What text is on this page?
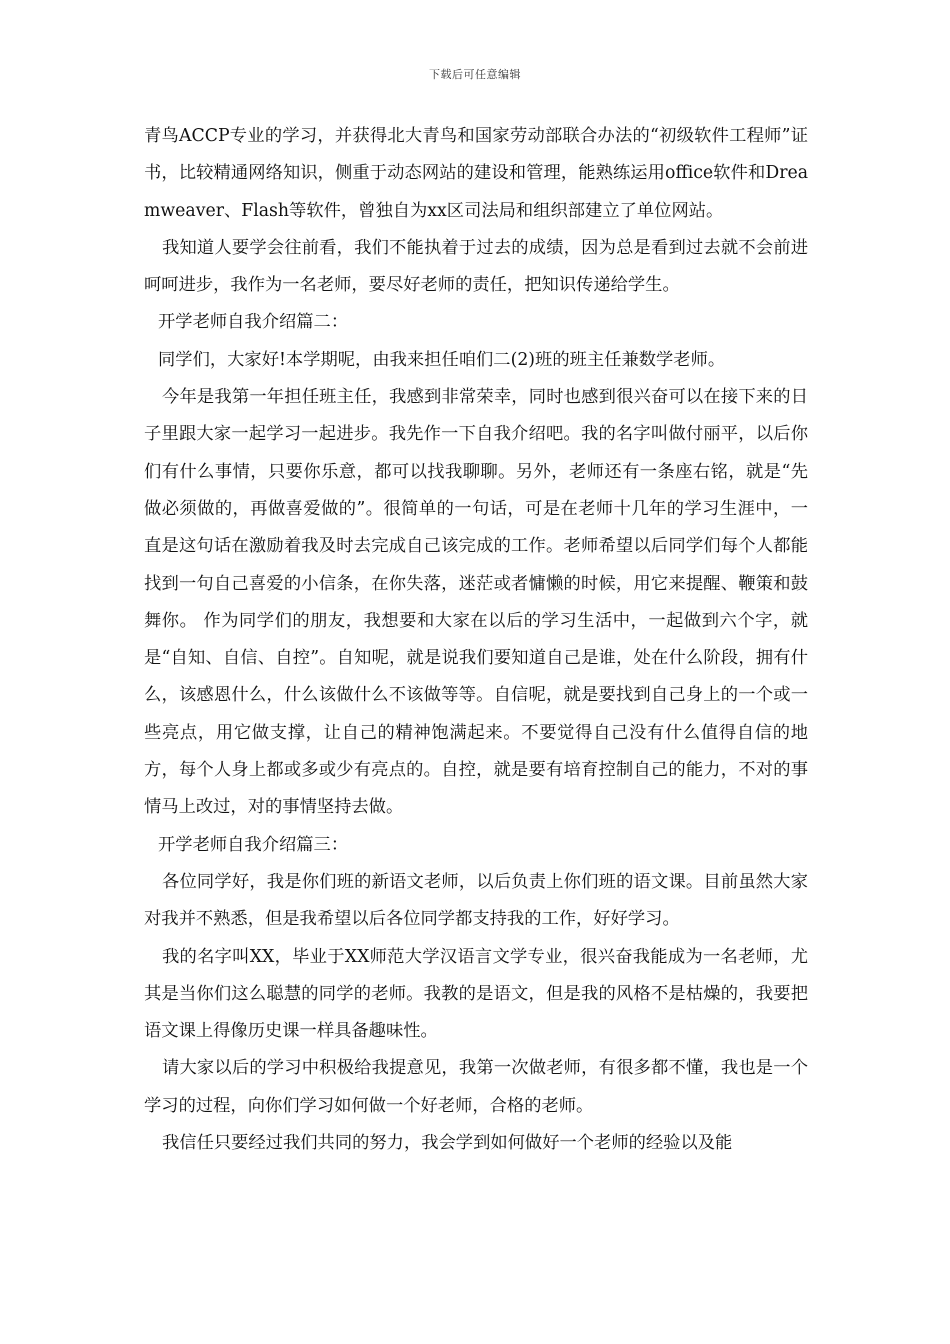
下载后可任意编辑

青鸟ACCP专业的学习，并获得北大青鸟和国家劳动部联合办法的“初级软件工程师”证书，比较精通网络知识，侧重于动态网站的建设和管理，能熟练运用office软件和Dreamweaver、Flash等软件，曾独自为xx区司法局和组织部建立了单位网站。

我知道人要学会往前看，我们不能执着于过去的成绩，因为总是看到过去就不会前进呵呵进步，我作为一名老师，要尽好老师的责任，把知识传递给学生。

开学老师自我介绍篇二：

同学们，大家好!本学期呢，由我来担任咱们二(2)班的班主任兼数学老师。

今年是我第一年担任班主任，我感到非常荣幸，同时也感到很兴奋可以在接下来的日子里跟大家一起学习一起进步。我先作一下自我介绍吧。我的名字叫做付丽平，以后你们有什么事情，只要你乐意，都可以找我聊聊。另外，老师还有一条座右铭，就是“先做必须做的，再做喜爱做的”。很简单的一句话，可是在老师十几年的学习生涯中，一直是这句话在激励着我及时去完成自己该完成的工作。老师希望以后同学们每个人都能找到一句自己喜爱的小信条，在你失落，迷茫或者慵懒的时候，用它来提醒、鞭策和鼓舞你。 作为同学们的朋友，我想要和大家在以后的学习生活中，一起做到六个字，就是“自知、自信、自控”。自知呢，就是说我们要知道自己是谁，处在什么阶段，拥有什么，该感恩什么，什么该做什么不该做等等。自信呢，就是要找到自己身上的一个或一些亮点，用它做支撑，让自己的精神饱满起来。不要觉得自己没有什么值得自信的地方，每个人身上都或多或少有亮点的。自控，就是要有培育控制自己的能力，不对的事情马上改过，对的事情坚持去做。

开学老师自我介绍篇三：

各位同学好，我是你们班的新语文老师，以后负责上你们班的语文课。目前虽然大家对我并不熟悉，但是我希望以后各位同学都支持我的工作，好好学习。

我的名字叫XX，毕业于XX师范大学汉语言文学专业，很兴奋我能成为一名老师，尤其是当你们这么聪慧的同学的老师。我教的是语文，但是我的风格不是枯燥的，我要把语文课上得像历史课一样具备趣味性。

请大家以后的学习中积极给我提意见，我第一次做老师，有很多都不懂，我也是一个学习的过程，向你们学习如何做一个好老师，合格的老师。

我信任只要经过我们共同的努力，我会学到如何做好一个老师的经验以及能
